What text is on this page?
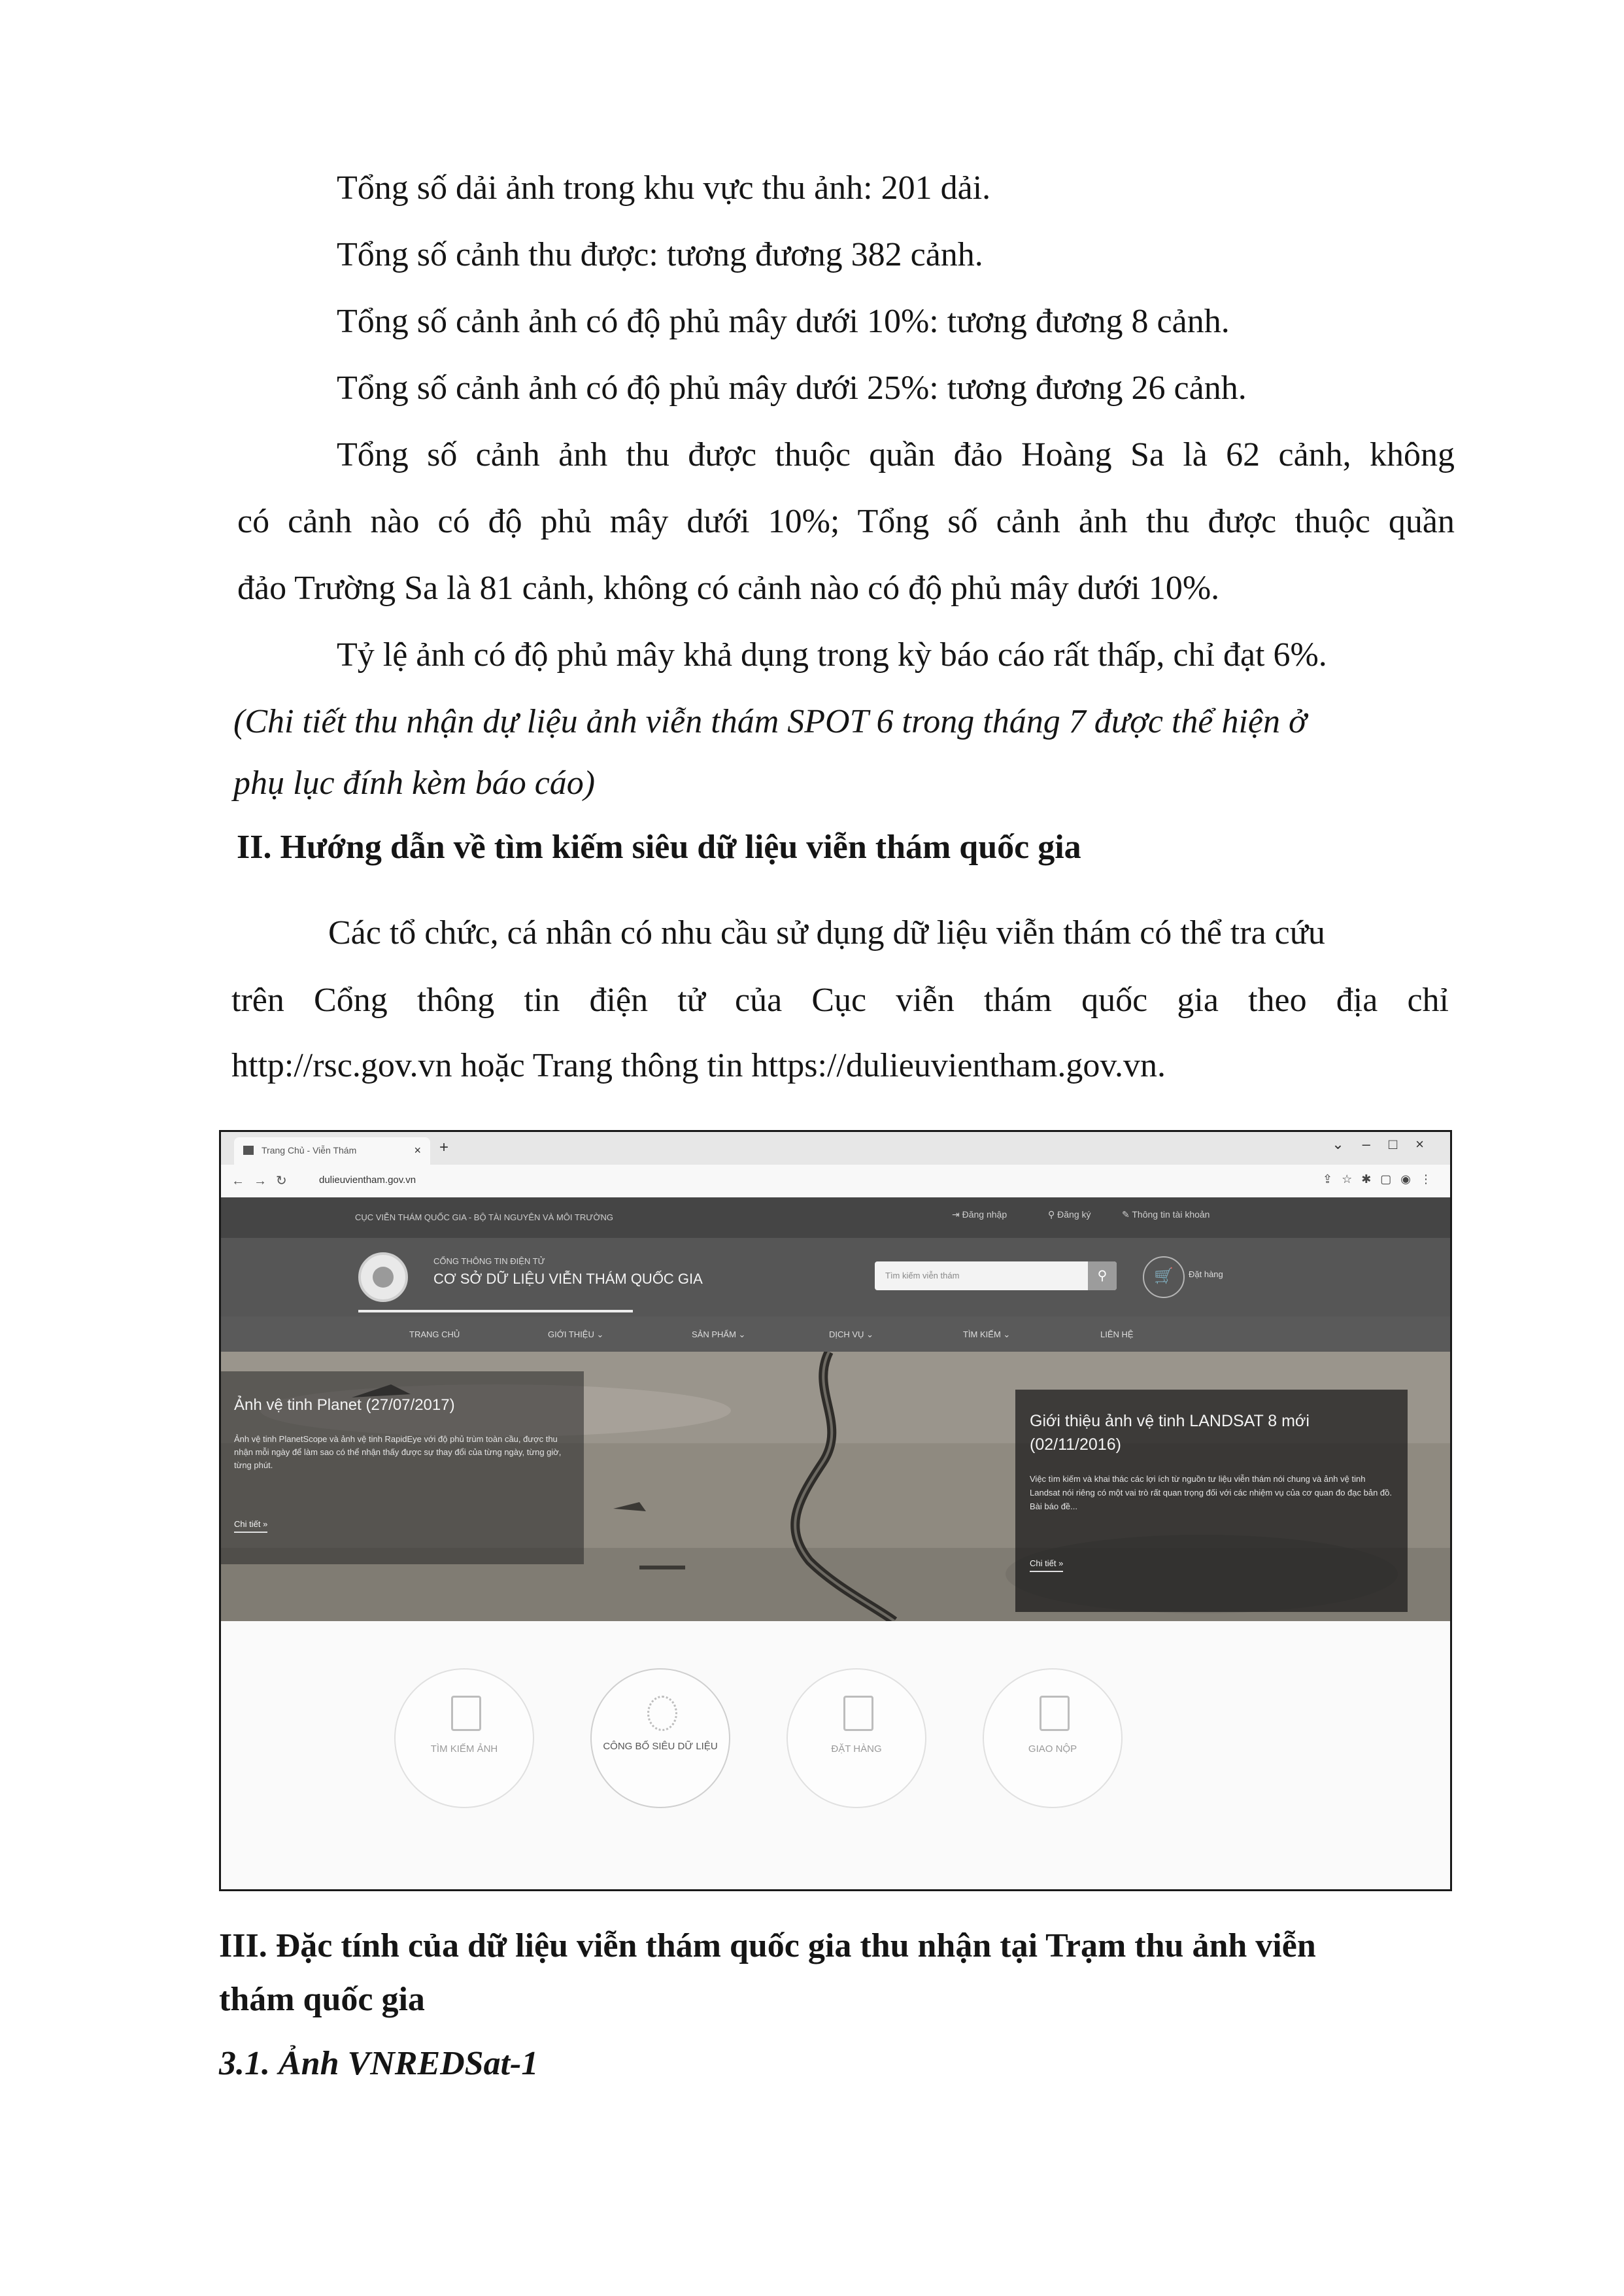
Tổng số dải ảnh trong khu vực thu ảnh: 201 dải.
Tổng số cảnh thu được: tương đương 382 cảnh.
Tổng số cảnh ảnh có độ phủ mây dưới 10%: tương đương 8 cảnh.
Tổng số cảnh ảnh có độ phủ mây dưới 25%: tương đương 26 cảnh.
Tổng số cảnh ảnh thu được thuộc quần đảo Hoàng Sa là 62 cảnh, không
có cảnh nào có độ phủ mây dưới 10%; Tổng số cảnh ảnh thu được thuộc quần
đảo Trường Sa là 81 cảnh, không có cảnh nào có độ phủ mây dưới 10%.
Tỷ lệ ảnh có độ phủ mây khả dụng trong kỳ báo cáo rất thấp, chỉ đạt 6%.
(Chi tiết thu nhận dự liệu ảnh viễn thám SPOT 6 trong tháng 7 được thể hiện ở
phụ lục đính kèm báo cáo)
II. Hướng dẫn về tìm kiếm siêu dữ liệu viễn thám quốc gia
Các tổ chức, cá nhân có nhu cầu sử dụng dữ liệu viễn thám có thể tra cứu
trên Cổng thông tin điện tử của Cục viễn thám quốc gia theo địa chỉ
http://rsc.gov.vn hoặc Trang thông tin https://dulieuvientham.gov.vn.
Trang Chủ - Viễn Thám	× +	⌄–□×
←→↻ dulieuvientham.gov.vn	⇪☆✱▢◉⋮
CỤC VIỄN THÁM QUỐC GIA - BỘ TÀI NGUYÊN VÀ MÔI TRƯỜNG	⇥ Đăng nhập	⚲ Đăng ký	✎ Thông tin tài khoản
CỔNG THÔNG TIN ĐIỆN TỬ
CƠ SỞ DỮ LIỆU VIỄN THÁM QUỐC GIA	Tìm kiếm viễn thám	⚲	🛒	Đặt hàng
TRANG CHỦ	GIỚI THIỆU ⌄	SẢN PHẨM ⌄	DỊCH VỤ ⌄	TÌM KIẾM ⌄	LIÊN HỆ
Ảnh vệ tinh Planet (27/07/2017)
Ảnh vệ tinh PlanetScope và ảnh vệ tinh RapidEye với độ phủ trùm toàn cầu, được thu nhận mỗi ngày để làm sao có thể nhận thấy được sự thay đổi của từng ngày, từng giờ, từng phút.
Chi tiết »
Giới thiệu ảnh vệ tinh LANDSAT 8 mới (02/11/2016)
Việc tìm kiếm và khai thác các lợi ích từ nguồn tư liệu viễn thám nói chung và ảnh vệ tinh Landsat nói riêng có một vai trò rất quan trọng đối với các nhiệm vụ của cơ quan đo đạc bản đồ. Bài báo đề...
Chi tiết »
TÌM KIẾM ẢNH	CÔNG BỐ SIÊU DỮ LIỆU	ĐẶT HÀNG	GIAO NỘP
III. Đặc tính của dữ liệu viễn thám quốc gia thu nhận tại Trạm thu ảnh viễn
thám quốc gia
3.1. Ảnh VNREDSat-1
